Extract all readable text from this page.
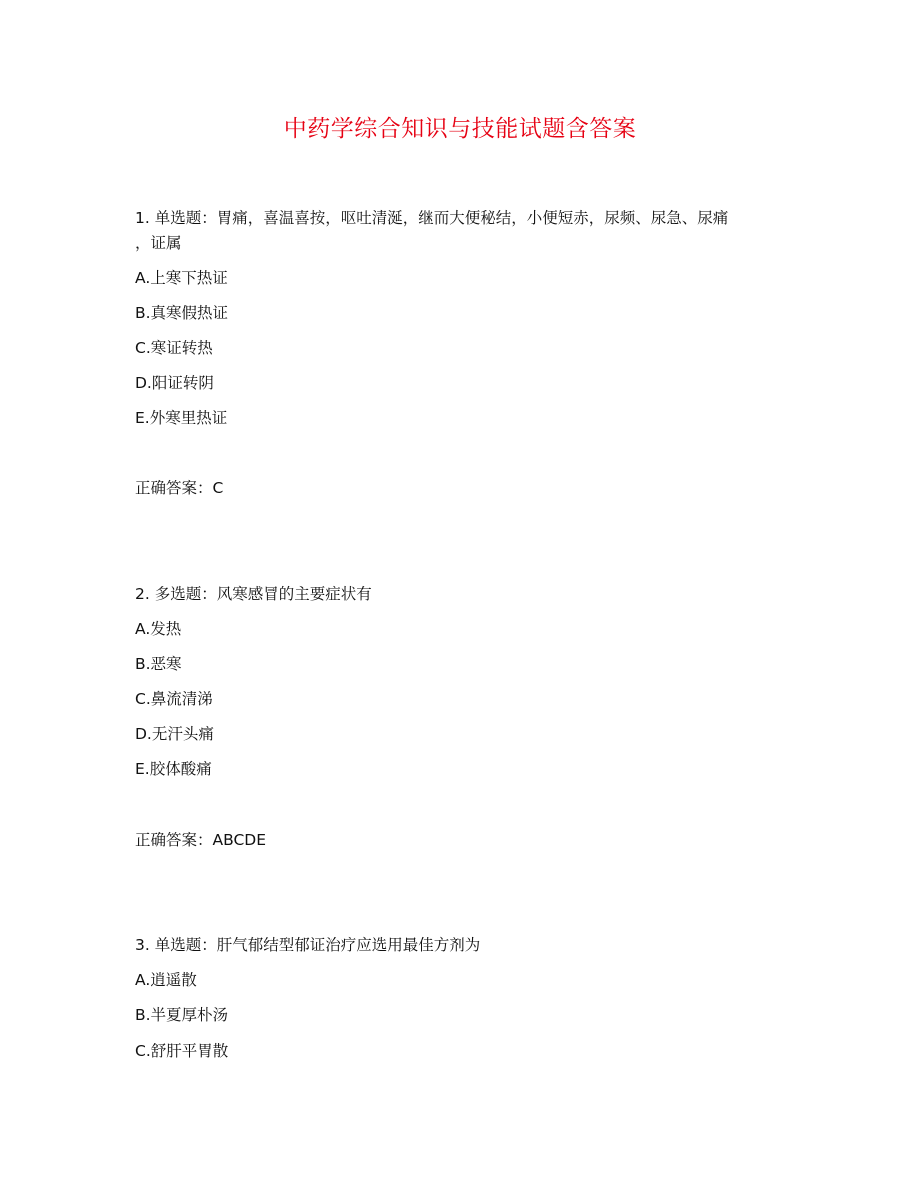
中药学综合知识与技能试题含答案
1. 单选题：胃痛，喜温喜按，呕吐清涎，继而大便秘结，小便短赤，尿频、尿急、尿痛
，证属
A.上寒下热证
B.真寒假热证
C.寒证转热
D.阳证转阴
E.外寒里热证
正确答案：C
2. 多选题：风寒感冒的主要症状有
A.发热
B.恶寒
C.鼻流清涕
D.无汗头痛
E.胶体酸痛
正确答案：ABCDE
3. 单选题：肝气郁结型郁证治疗应选用最佳方剂为
A.逍遥散
B.半夏厚朴汤
C.舒肝平胃散
